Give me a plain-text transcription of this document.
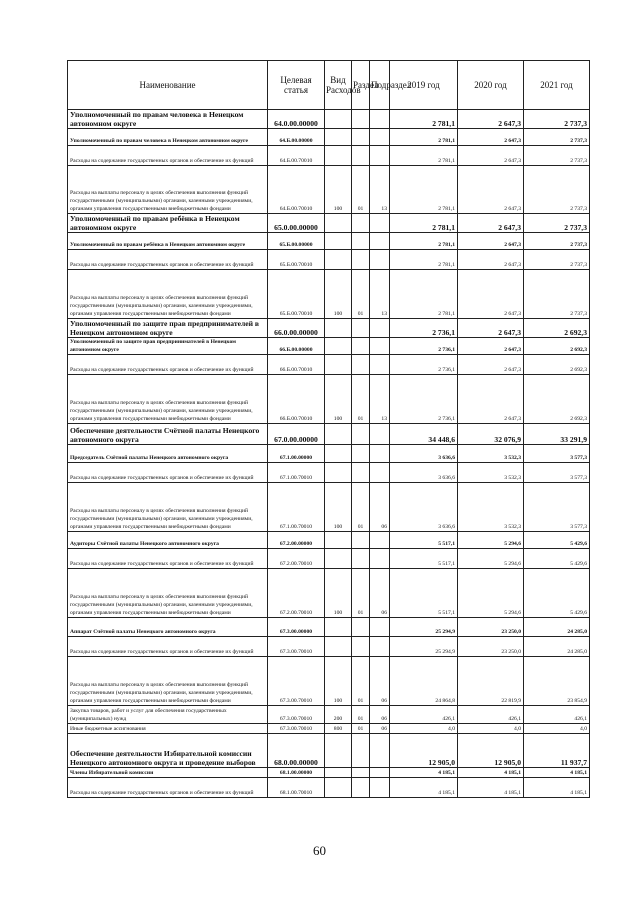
Наименование	Целевая статья	Вид Расходов	Раздел	Подраздел	2019 год	2020 год	2021 год
Уполномоченный по правам человека в Ненецком автономном округе	64.0.00.00000				2 781,1	2 647,3	2 737,3
Уполномоченный по правам человека в Ненецком автономном округе	64.Б.00.00000				2 781,1	2 647,3	2 737,3
Расходы на содержание государственных органов и обеспечение их функций	64.Б.00.70010				2 781,1	2 647,3	2 737,3
Расходы на выплаты персоналу в целях обеспечения выполнения функций государственными (муниципальными) органами, казенными учреждениями, органами управления государственными внебюджетными фондами	64.Б.00.70010	100	01	13	2 781,1	2 647,3	2 737,3
Уполномоченный по правам ребёнка в Ненецком автономном округе	65.0.00.00000				2 781,1	2 647,3	2 737,3
Уполномоченный по правам ребёнка в Ненецком автономном округе	65.Б.00.00000				2 781,1	2 647,3	2 737,3
Расходы на содержание государственных органов и обеспечение их функций	65.Б.00.70010				2 781,1	2 647,3	2 737,3
Расходы на выплаты персоналу в целях обеспечения выполнения функций государственными (муниципальными) органами, казенными учреждениями, органами управления государственными внебюджетными фондами	65.Б.00.70010	100	01	13	2 781,1	2 647,3	2 737,3
Уполномоченный по защите прав предпринимателей в Ненецком автономном округе	66.0.00.00000				2 736,1	2 647,3	2 692,3
Уполномоченный по защите прав предпринимателей в Ненецком автономном округе	66.Б.00.00000				2 736,1	2 647,3	2 692,3
Расходы на содержание государственных органов и обеспечение их функций	66.Б.00.70010				2 736,1	2 647,3	2 692,3
Расходы на выплаты персоналу в целях обеспечения выполнения функций государственными (муниципальными) органами, казенными учреждениями, органами управления государственными внебюджетными фондами	66.Б.00.70010	100	01	13	2 736,1	2 647,3	2 692,3
Обеспечение деятельности Счётной палаты Ненецкого автономного округа	67.0.00.00000				34 448,6	32 076,9	33 291,9
Председатель Счётной палаты Ненецкого автономного округа	67.1.00.00000				3 636,6	3 532,3	3 577,3
Расходы на содержание государственных органов и обеспечение их функций	67.1.00.70010				3 636,6	3 532,3	3 577,3
Расходы на выплаты персоналу в целях обеспечения выполнения функций государственными (муниципальными) органами, казенными учреждениями, органами управления государственными внебюджетными фондами	67.1.00.70010	100	01	06	3 636,6	3 532,3	3 577,3
Аудиторы Счётной палаты Ненецкого автономного округа	67.2.00.00000				5 517,1	5 294,6	5 429,6
Расходы на содержание государственных органов и обеспечение их функций	67.2.00.70010				5 517,1	5 294,6	5 429,6
Расходы на выплаты персоналу в целях обеспечения выполнения функций государственными (муниципальными) органами, казенными учреждениями, органами управления государственными внебюджетными фондами	67.2.00.70010	100	01	06	5 517,1	5 294,6	5 429,6
Аппарат Счётной палаты Ненецкого автономного округа	67.3.00.00000				25 294,9	23 250,0	24 285,0
Расходы на содержание государственных органов и обеспечение их функций	67.3.00.70010				25 294,9	23 250,0	24 285,0
Расходы на выплаты персоналу в целях обеспечения выполнения функций государственными (муниципальными) органами, казенными учреждениями, органами управления государственными внебюджетными фондами	67.3.00.70010	100	01	06	24 864,8	22 819,9	23 854,9
Закупка товаров, работ и услуг для обеспечения государственных (муниципальных) нужд	67.3.00.70010	200	01	06	426,1	426,1	426,1
Иные бюджетные ассигнования	67.3.00.70010	800	01	06	4,0	4,0	4,0
Обеспечение деятельности Избирательной комиссии Ненецкого автономного округа и проведение выборов	68.0.00.00000				12 905,0	12 905,0	11 937,7
Члены Избирательной комиссии	68.1.00.00000				4 185,1	4 185,1	4 185,1
Расходы на содержание государственных органов и обеспечение их функций	68.1.00.70010				4 185,1	4 185,1	4 185,1
60
